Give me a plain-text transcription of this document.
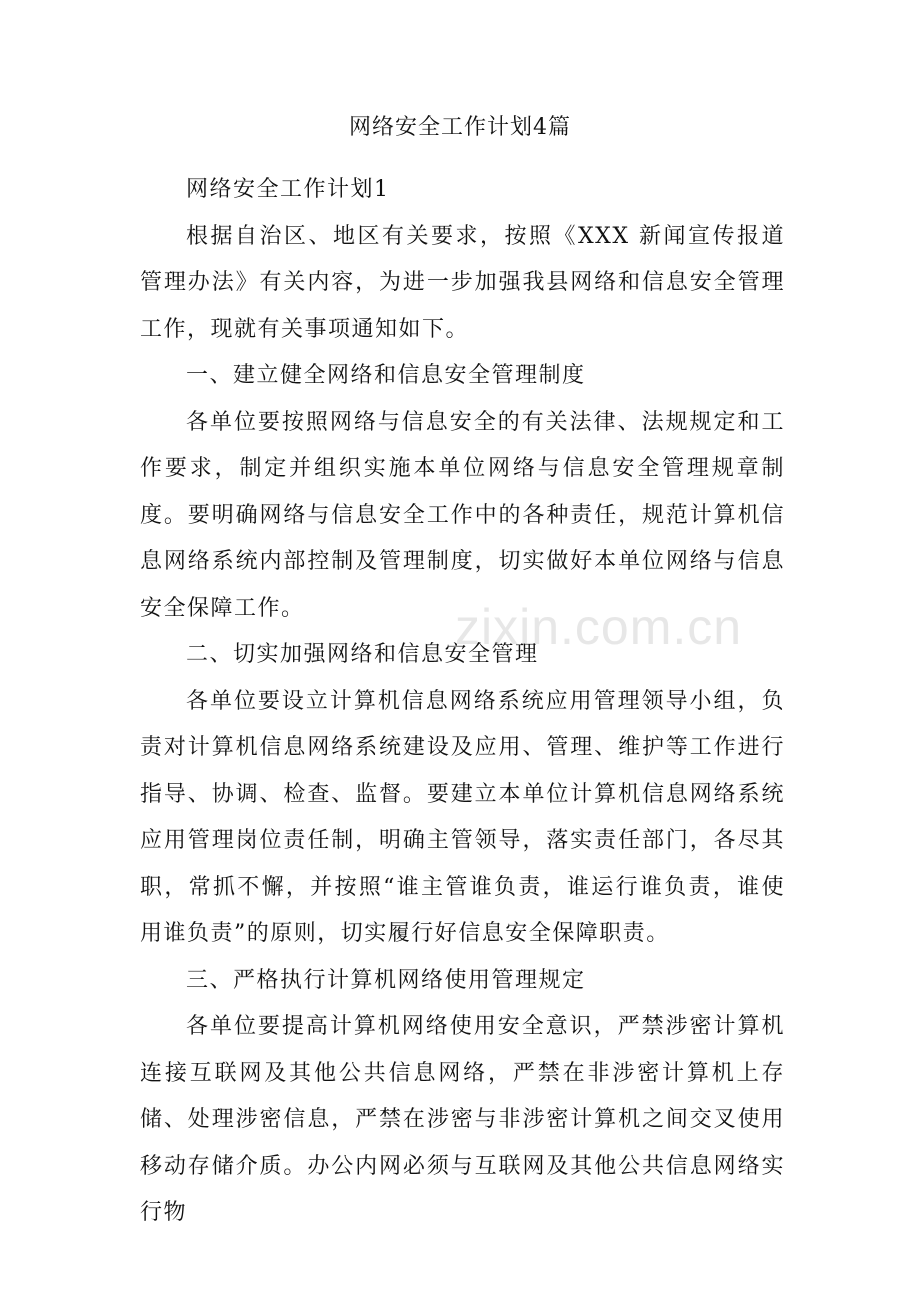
网络安全工作计划4篇

网络安全工作计划1

根据自治区、地区有关要求，按照《XXX 新闻宣传报道管理办法》有关内容，为进一步加强我县网络和信息安全管理工作，现就有关事项通知如下。

一、建立健全网络和信息安全管理制度

各单位要按照网络与信息安全的有关法律、法规规定和工作要求，制定并组织实施本单位网络与信息安全管理规章制度。要明确网络与信息安全工作中的各种责任，规范计算机信息网络系统内部控制及管理制度，切实做好本单位网络与信息安全保障工作。

二、切实加强网络和信息安全管理

各单位要设立计算机信息网络系统应用管理领导小组，负责对计算机信息网络系统建设及应用、管理、维护等工作进行指导、协调、检查、监督。要建立本单位计算机信息网络系统应用管理岗位责任制，明确主管领导，落实责任部门，各尽其职，常抓不懈，并按照“谁主管谁负责，谁运行谁负责，谁使用谁负责”的原则，切实履行好信息安全保障职责。

三、严格执行计算机网络使用管理规定

各单位要提高计算机网络使用安全意识，严禁涉密计算机连接互联网及其他公共信息网络，严禁在非涉密计算机上存储、处理涉密信息，严禁在涉密与非涉密计算机之间交叉使用移动存储介质。办公内网必须与互联网及其他公共信息网络实行物

zixin.com.cn
